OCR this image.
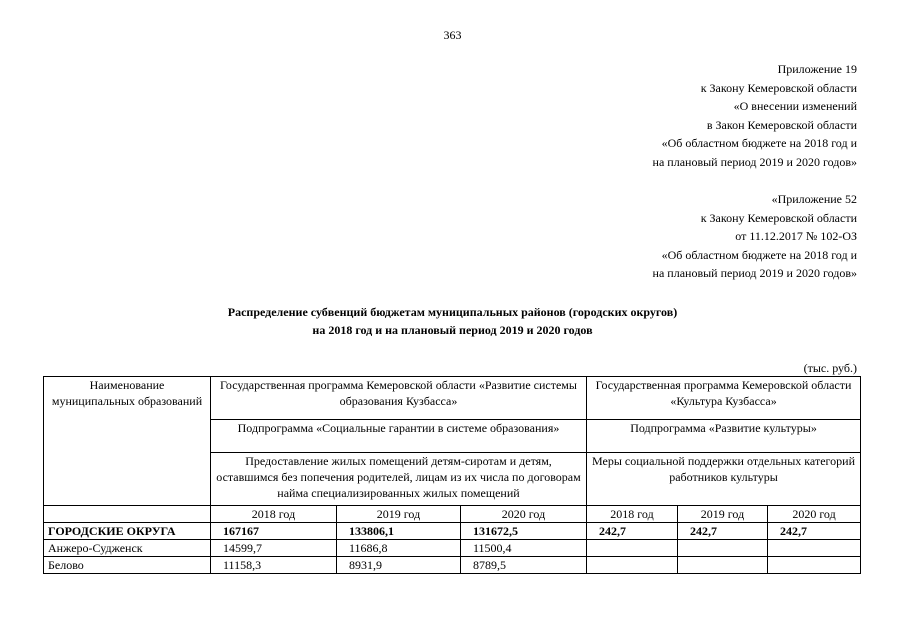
363
Приложение 19
к Закону Кемеровской области
«О внесении изменений
в Закон Кемеровской области
«Об областном бюджете на 2018 год и
на плановый период 2019 и 2020 годов»
«Приложение 52
к Закону Кемеровской области
от 11.12.2017 № 102-ОЗ
«Об областном бюджете на 2018 год и
на плановый период 2019 и 2020 годов»
Распределение субвенций бюджетам муниципальных районов (городских округов)
на 2018 год и на плановый период 2019 и 2020 годов
(тыс. руб.)
Наименование муниципальных образований	Государственная программа Кемеровской области «Развитие системы образования Кузбасса»			Государственная программа Кемеровской области «Культура Кузбасса»		
	Подпрограмма «Социальные гарантии в системе образования»			Подпрограмма «Развитие культуры»		
	Предоставление жилых помещений детям-сиротам и детям, оставшимся без попечения родителей, лицам из их числа по договорам найма специализированных жилых помещений			Меры социальной поддержки отдельных категорий работников культуры		
	2018 год	2019 год	2020 год	2018 год	2019 год	2020 год
ГОРОДСКИЕ ОКРУГА	167167	133806,1	131672,5	242,7	242,7	242,7
Анжеро-Судженск	14599,7	11686,8	11500,4			
Белово	11158,3	8931,9	8789,5			
